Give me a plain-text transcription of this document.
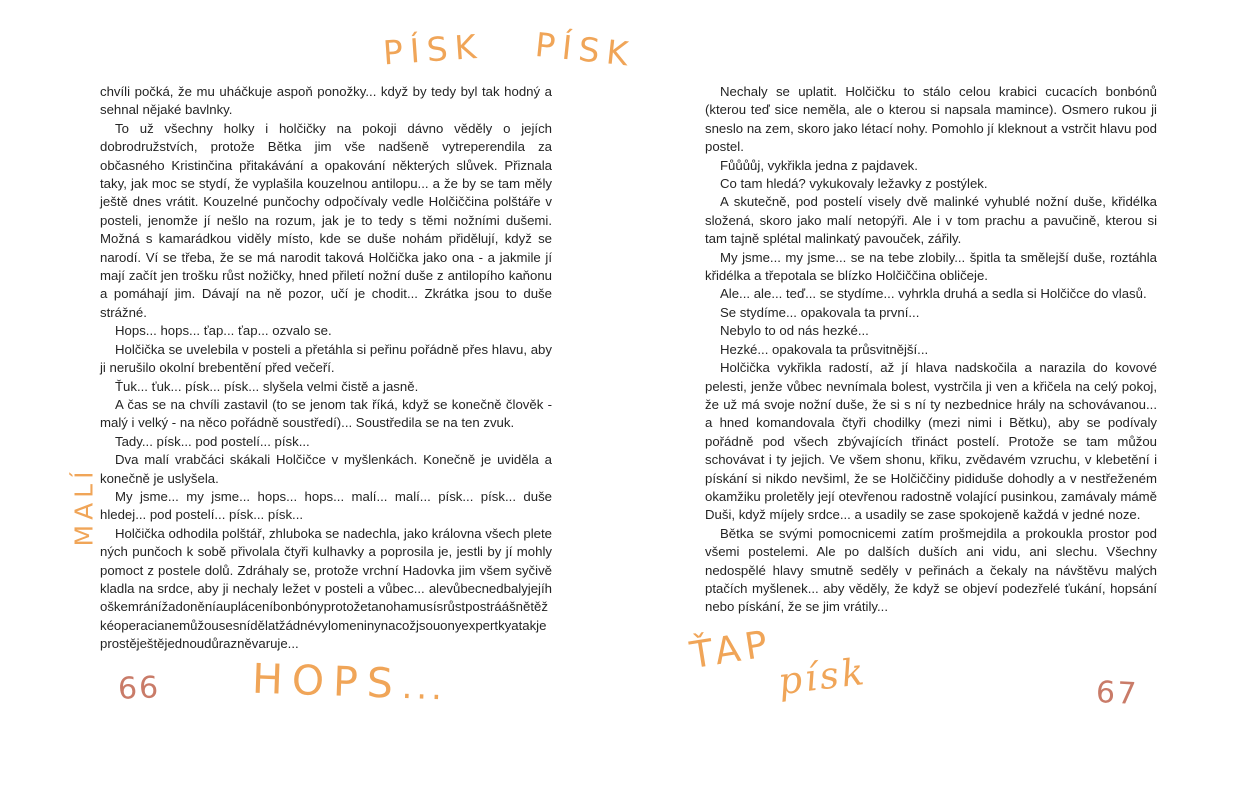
PÍSK PÍSK

chvíli počká, že mu uháčkuje aspoň ponožky... když by tedy byl tak hodný a sehnal nějaké bavlnky.

To už všechny holky i holčičky na pokoji dávno věděly o jejích dobrodružstvích, protože Bětka jim vše nadšeně vytreperendila za občasného Kristinčina přitakávání a opakování některých slůvek. Přiznala taky, jak moc se stydí, že vyplašila kouzelnou antilopu... a že by se tam měly ještě dnes vrátit. Kouzelné punčochy odpočívaly vedle Holčiččina polštáře v posteli, jenomže jí nešlo na rozum, jak je to tedy s těmi nožními dušemi. Možná s kamarádkou viděly místo, kde se duše nohám přidělují, když se narodí. Ví se třeba, že se má narodit taková Holčička jako ona - a jakmile jí mají začít jen trošku růst nožičky, hned přiletí nožní duše z antilopího kaňonu a pomáhají jim. Dávají na ně pozor, učí je chodit... Zkrátka jsou to duše strážné.

Hops... hops... ťap... ťap... ozvalo se.

Holčička se uvelebila v posteli a přetáhla si peřinu pořádně přes hlavu, aby ji nerušilo okolní brebentění před večeří.

Ťuk... ťuk... písk... písk... slyšela velmi čistě a jasně.

A čas se na chvíli zastavil (to se jenom tak říká, když se konečně člověk - malý i velký - na něco pořádně soustředí)... Soustředila se na ten zvuk.

Tady... písk... pod postelí... písk...

Dva malí vrabčáci skákali Holčičce v myšlenkách. Konečně je uviděla a konečně je uslyšela.

My jsme... my jsme... hops... hops... malí... malí... písk... písk... duše hledej... pod postelí... písk... písk...

Holčička odhodila polštář, zhluboka se nadechla, jako královna všech pletených punčoch k sobě přivolala čtyři kulhavky a poprosila je, jestli by jí mohly pomoct z postele dolů. Zdráhaly se, protože vrchní Hadovka jim všem syčivě kladla na srdce, aby ji nechaly ležet v posteli a vůbec... alevůbecnedbalyjejíhoškemránížadoněníaupláceníbonbónyprotožetanohamusísrůstpostráášnětěžkéoperacianemůžousesnídělatžádnévylomeninynacožjsouonyexpertkyatakjeprostěještějednoudůrazněvaruje...

Nechaly se uplatit. Holčičku to stálo celou krabici cucacích bonbónů (kterou teď sice neměla, ale o kterou si napsala mamince). Osmero rukou ji sneslo na zem, skoro jako létací nohy. Pomohlo jí kleknout a vstrčit hlavu pod postel.

Fůůůůj, vykřikla jedna z pajdavek.

Co tam hledá? vykukovaly ležavky z postýlek.

A skutečně, pod postelí visely dvě malinké vyhublé nožní duše, křidélka složená, skoro jako malí netopýři. Ale i v tom prachu a pavučině, kterou si tam tajně splétal malinkatý pavouček, zářily.

My jsme... my jsme... se na tebe zlobily... špitla ta smělejší duše, roztáhla křidélka a třepotala se blízko Holčiččina obličeje.

Ale... ale... teď... se stydíme... vyhrkla druhá a sedla si Holčičce do vlasů.

Se stydíme... opakovala ta první...

Nebylo to od nás hezké...

Hezké... opakovala ta průsvitnější...

Holčička vykřikla radostí, až jí hlava nadskočila a narazila do kovové pelesti, jenže vůbec nevnímala bolest, vystrčila ji ven a křičela na celý pokoj, že už má svoje nožní duše, že si s ní ty nezbednice hrály na schovávanou... a hned komandovala čtyři chodilky (mezi nimi i Bětku), aby se podívaly pořádně pod všech zbývajících třináct postelí. Protože se tam můžou schovávat i ty jejich. Ve všem shonu, křiku, zvědavém vzruchu, v klebetění i pískání si nikdo nevšiml, že se Holčiččiny pididuše dohodly a v nestřeženém okamžiku proletěly její otevřenou radostně volající pusinkou, zamávaly mámě Duši, když míjely srdce... a usadily se zase spokojeně každá v jedné noze.

Bětka se svými pomocnicemi zatím prošmejdila a prokoukla prostor pod všemi postelemi. Ale po dalších duších ani vidu, ani slechu. Všechny nedospělé hlavy smutně seděly v peřinách a čekaly na návštěvu malých ptačích myšlenek... aby věděly, že když se objeví podezřelé ťukání, hopsání nebo pískání, že se jim vrátily...

MALÍ
HOPS...
ŤAP písk
66	67
